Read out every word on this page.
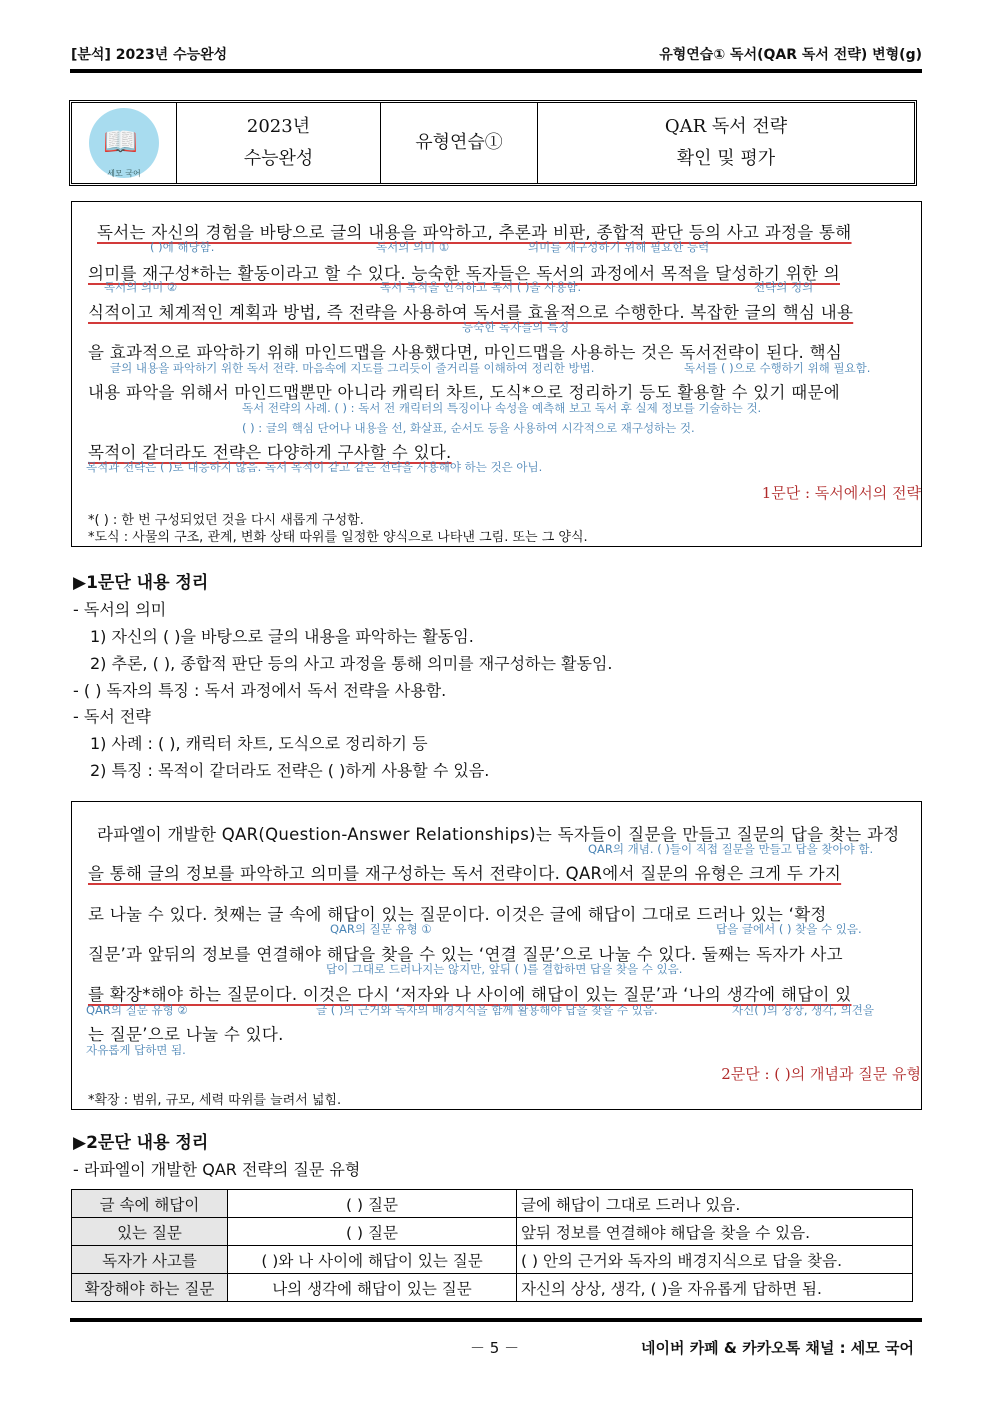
[분석] 2023년 수능완성	유형연습① 독서(QAR 독서 전략) 변형(g)
📖
세모 국어
2023년
수능완성
유형연습①
QAR 독서 전략
확인 및 평가
독서는 자신의 경험을 바탕으로 글의 내용을 파악하고, 추론과 비판, 종합적 판단 등의 사고 과정을 통해
( )에 해당함.	독서의 의미 ①	의미를 재구성하기 위해 필요한 능력
의미를 재구성*하는 활동이라고 할 수 있다. 능숙한 독자들은 독서의 과정에서 목적을 달성하기 위한 의
독서의 의미 ②	독서 목적을 인식하고 독서 ( )을 사용함.	전략의 정의
식적이고 체계적인 계획과 방법, 즉 전략을 사용하여 독서를 효율적으로 수행한다. 복잡한 글의 핵심 내용
능숙한 독자들의 특징
을 효과적으로 파악하기 위해 마인드맵을 사용했다면, 마인드맵을 사용하는 것은 독서전략이 된다. 핵심
글의 내용을 파악하기 위한 독서 전략. 마음속에 지도를 그리듯이 줄거리를 이해하여 정리한 방법.	독서를 ( )으로 수행하기 위해 필요함.
내용 파악을 위해서 마인드맵뿐만 아니라 캐릭터 차트, 도식*으로 정리하기 등도 활용할 수 있기 때문에
독서 전략의 사례. ( ) : 독서 전 캐릭터의 특징이나 속성을 예측해 보고 독서 후 실제 정보를 기술하는 것.
( ) : 글의 핵심 단어나 내용을 선, 화살표, 순서도 등을 사용하여 시각적으로 재구성하는 것.
목적이 같더라도 전략은 다양하게 구사할 수 있다.
목적과 전략은 ( )로 대응하지 않음. 독서 목적이 같고 같은 전략을 사용해야 하는 것은 아님.
1문단 : 독서에서의 전략
*( ) : 한 번 구성되었던 것을 다시 새롭게 구성함.
*도식 : 사물의 구조, 관계, 변화 상태 따위를 일정한 양식으로 나타낸 그림. 또는 그 양식.
▶1문단 내용 정리
- 독서의 의미
1) 자신의 ( )을 바탕으로 글의 내용을 파악하는 활동임.
2) 추론, ( ), 종합적 판단 등의 사고 과정을 통해 의미를 재구성하는 활동임.
- ( ) 독자의 특징 : 독서 과정에서 독서 전략을 사용함.
- 독서 전략
1) 사례 : ( ), 캐릭터 차트, 도식으로 정리하기 등
2) 특징 : 목적이 같더라도 전략은 ( )하게 사용할 수 있음.
라파엘이 개발한 QAR(Question-Answer Relationships)는 독자들이 질문을 만들고 질문의 답을 찾는 과정
QAR의 개념. ( )들이 직접 질문을 만들고 답을 찾아야 함.
을 통해 글의 정보를 파악하고 의미를 재구성하는 독서 전략이다. QAR에서 질문의 유형은 크게 두 가지
로 나눌 수 있다. 첫째는 글 속에 해답이 있는 질문이다. 이것은 글에 해답이 그대로 드러나 있는 ‘확정
QAR의 질문 유형 ①	답을 글에서 ( ) 찾을 수 있음.
질문’과 앞뒤의 정보를 연결해야 해답을 찾을 수 있는 ‘연결 질문’으로 나눌 수 있다. 둘째는 독자가 사고
답이 그대로 드러나지는 않지만, 앞뒤 ( )를 결합하면 답을 찾을 수 있음.
를 확장*해야 하는 질문이다. 이것은 다시 ‘저자와 나 사이에 해답이 있는 질문’과 ‘나의 생각에 해답이 있
QAR의 질문 유형 ②	글 ( )의 근거와 독자의 배경지식을 함께 활용해야 답을 찾을 수 있음.	자신( )의 상상, 생각, 의견을
는 질문’으로 나눌 수 있다.
자유롭게 답하면 됨.
2문단 : ( )의 개념과 질문 유형
*확장 : 범위, 규모, 세력 따위를 늘려서 넓힘.
▶2문단 내용 정리
- 라파엘이 개발한 QAR 전략의 질문 유형
글 속에 해답이	( ) 질문	글에 해답이 그대로 드러나 있음.
있는 질문	( ) 질문	앞뒤 정보를 연결해야 해답을 찾을 수 있음.
독자가 사고를	( )와 나 사이에 해답이 있는 질문	( ) 안의 근거와 독자의 배경지식으로 답을 찾음.
확장해야 하는 질문	나의 생각에 해답이 있는 질문	자신의 상상, 생각, ( )을 자유롭게 답하면 됨.
－ 5 －	네이버 카페 & 카카오톡 채널 : 세모 국어
